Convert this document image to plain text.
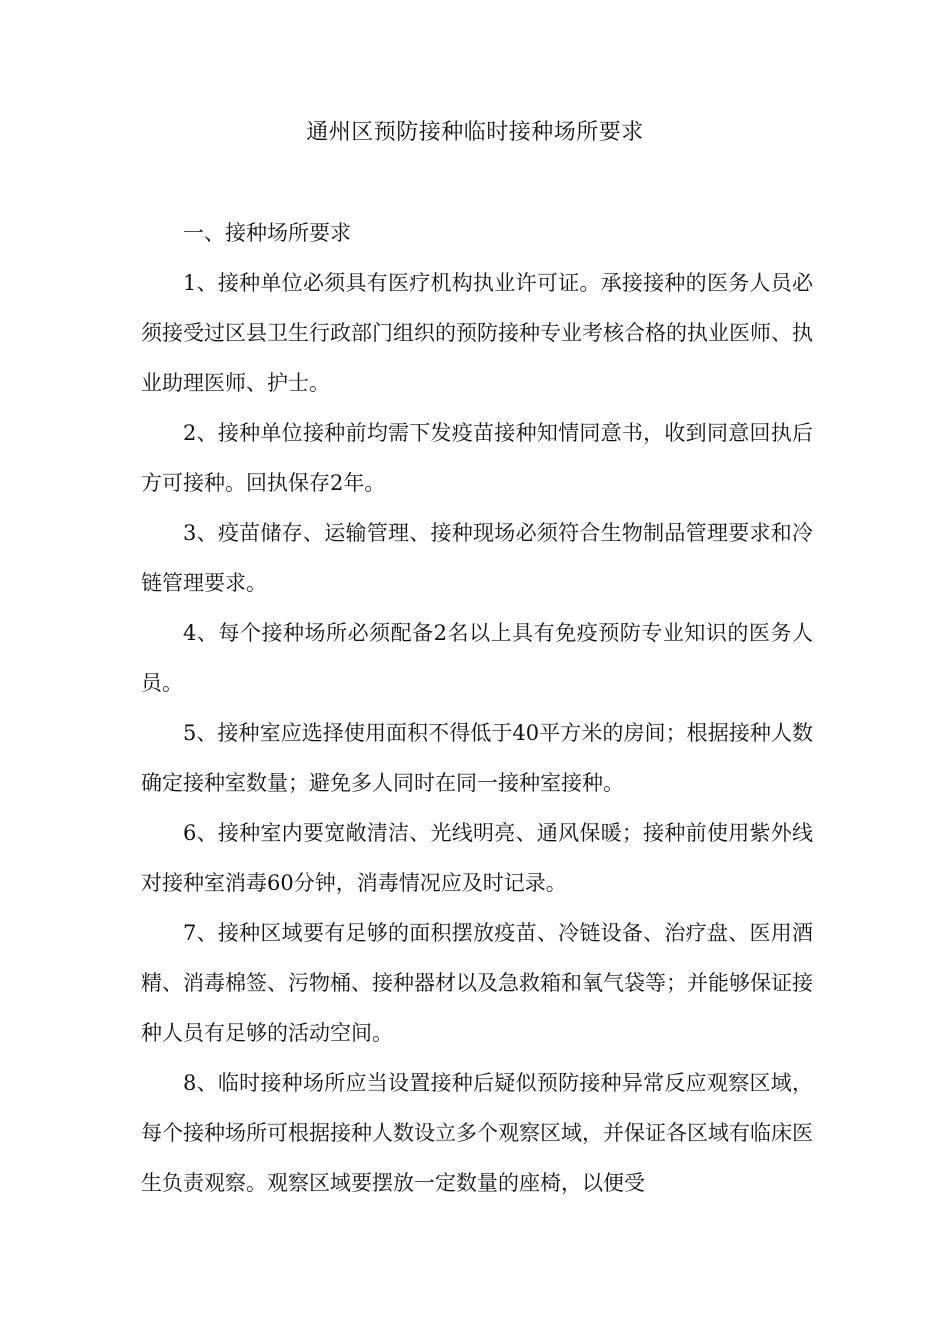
通州区预防接种临时接种场所要求

一、接种场所要求

1、接种单位必须具有医疗机构执业许可证。承接接种的医务人员必须接受过区县卫生行政部门组织的预防接种专业考核合格的执业医师、执业助理医师、护士。

2、接种单位接种前均需下发疫苗接种知情同意书，收到同意回执后方可接种。回执保存2年。

3、疫苗储存、运输管理、接种现场必须符合生物制品管理要求和冷链管理要求。

4、每个接种场所必须配备2名以上具有免疫预防专业知识的医务人员。

5、接种室应选择使用面积不得低于40平方米的房间；根据接种人数确定接种室数量；避免多人同时在同一接种室接种。

6、接种室内要宽敞清洁、光线明亮、通风保暖；接种前使用紫外线对接种室消毒60分钟，消毒情况应及时记录。

7、接种区域要有足够的面积摆放疫苗、冷链设备、治疗盘、医用酒精、消毒棉签、污物桶、接种器材以及急救箱和氧气袋等；并能够保证接种人员有足够的活动空间。

8、临时接种场所应当设置接种后疑似预防接种异常反应观察区域，每个接种场所可根据接种人数设立多个观察区域，并保证各区域有临床医生负责观察。观察区域要摆放一定数量的座椅，以便受
